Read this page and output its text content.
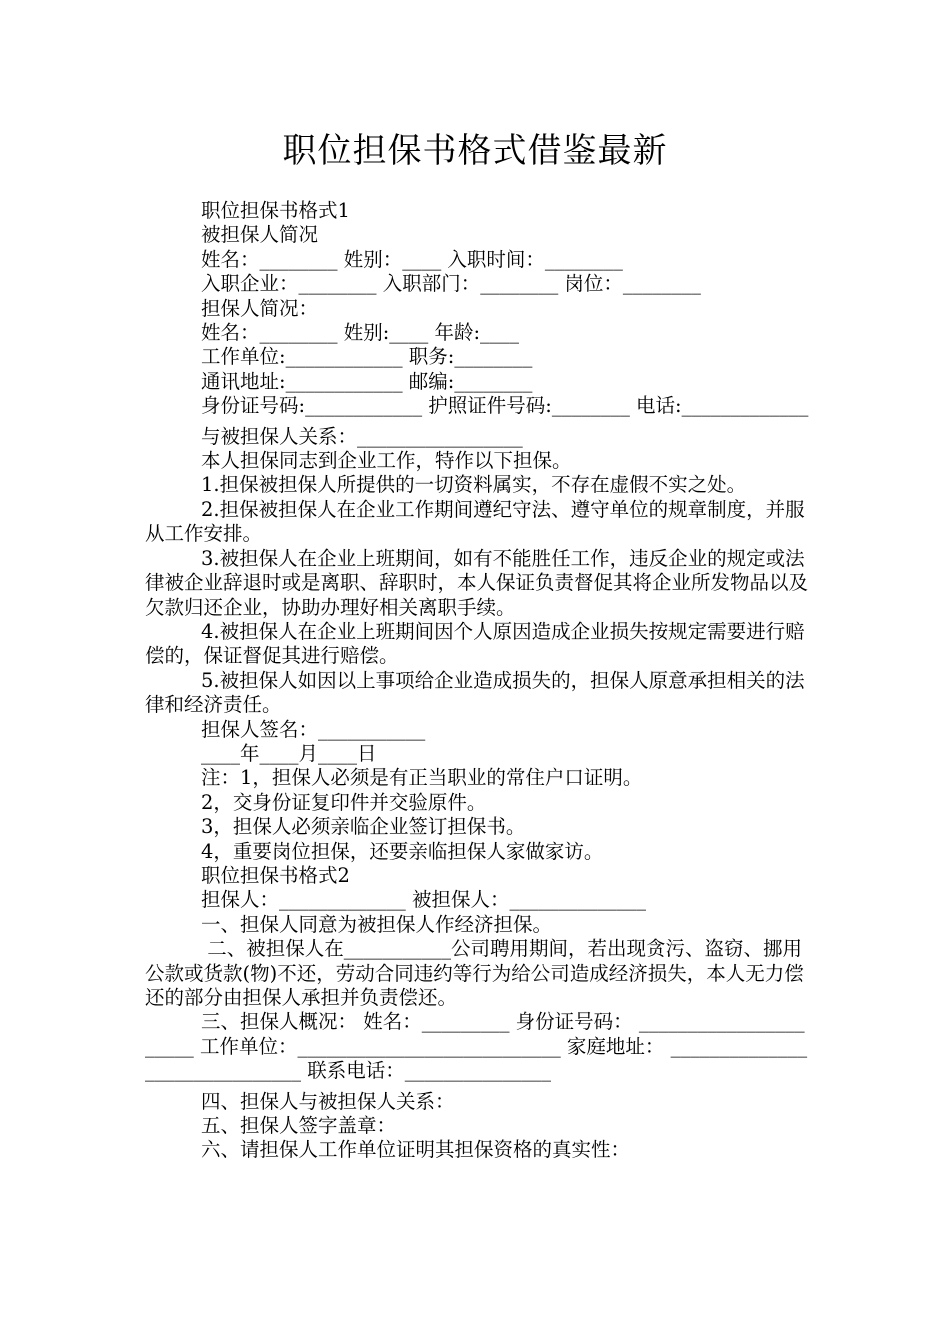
职位担保书格式借鉴最新

职位担保书格式1

被担保人简况

姓名：________ 姓别：____ 入职时间：________

入职企业：________ 入职部门：________ 岗位：________

担保人简况：

姓名：________ 姓别:____ 年龄:____

工作单位:____________ 职务:________

通讯地址:____________ 邮编:________

身份证号码:____________ 护照证件号码:________ 电话:_____________

与被担保人关系：_________________

本人担保同志到企业工作，特作以下担保。

1.担保被担保人所提供的一切资料属实，不存在虚假不实之处。

2.担保被担保人在企业工作期间遵纪守法、遵守单位的规章制度，并服从工作安排。

3.被担保人在企业上班期间，如有不能胜任工作，违反企业的规定或法律被企业辞退时或是离职、辞职时，本人保证负责督促其将企业所发物品以及欠款归还企业，协助办理好相关离职手续。

4.被担保人在企业上班期间因个人原因造成企业损失按规定需要进行赔偿的，保证督促其进行赔偿。

5.被担保人如因以上事项给企业造成损失的，担保人原意承担相关的法律和经济责任。

担保人签名：___________

____年____月____日

注：1，担保人必须是有正当职业的常住户口证明。

2，交身份证复印件并交验原件。

3，担保人必须亲临企业签订担保书。

4，重要岗位担保，还要亲临担保人家做家访。

职位担保书格式2

担保人：_____________ 被担保人：______________

一、担保人同意为被担保人作经济担保。

二、被担保人在___________公司聘用期间，若出现贪污、盗窃、挪用公款或货款(物)不还，劳动合同违约等行为给公司造成经济损失，本人无力偿还的部分由担保人承担并负责偿还。

三、担保人概况： 姓名：_________ 身份证号码： ______________________ 工作单位：___________________________ 家庭地址： ______________________________ 联系电话：_______________

四、担保人与被担保人关系：

五、担保人签字盖章：

六、请担保人工作单位证明其担保资格的真实性：
